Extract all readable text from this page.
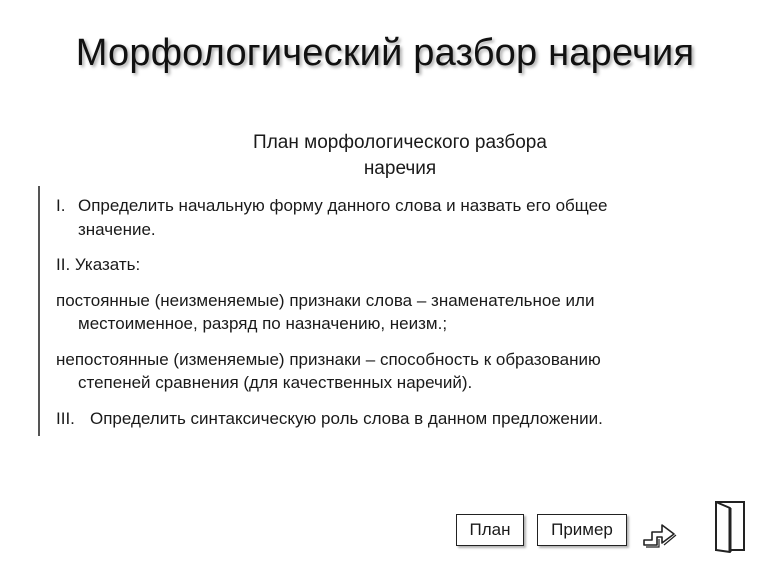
Морфологический разбор наречия
План морфологического разбора
наречия
I. Определить начальную форму данного слова и назвать его общее
значение.
II. Указать:
постоянные (неизменяемые) признаки слова – знаменательное или
местоименное, разряд по назначению, неизм.;
непостоянные (изменяемые) признаки – способность к образованию
степеней сравнения (для качественных наречий).
III. Определить синтаксическую роль слова в данном предложении.
План	Пример
